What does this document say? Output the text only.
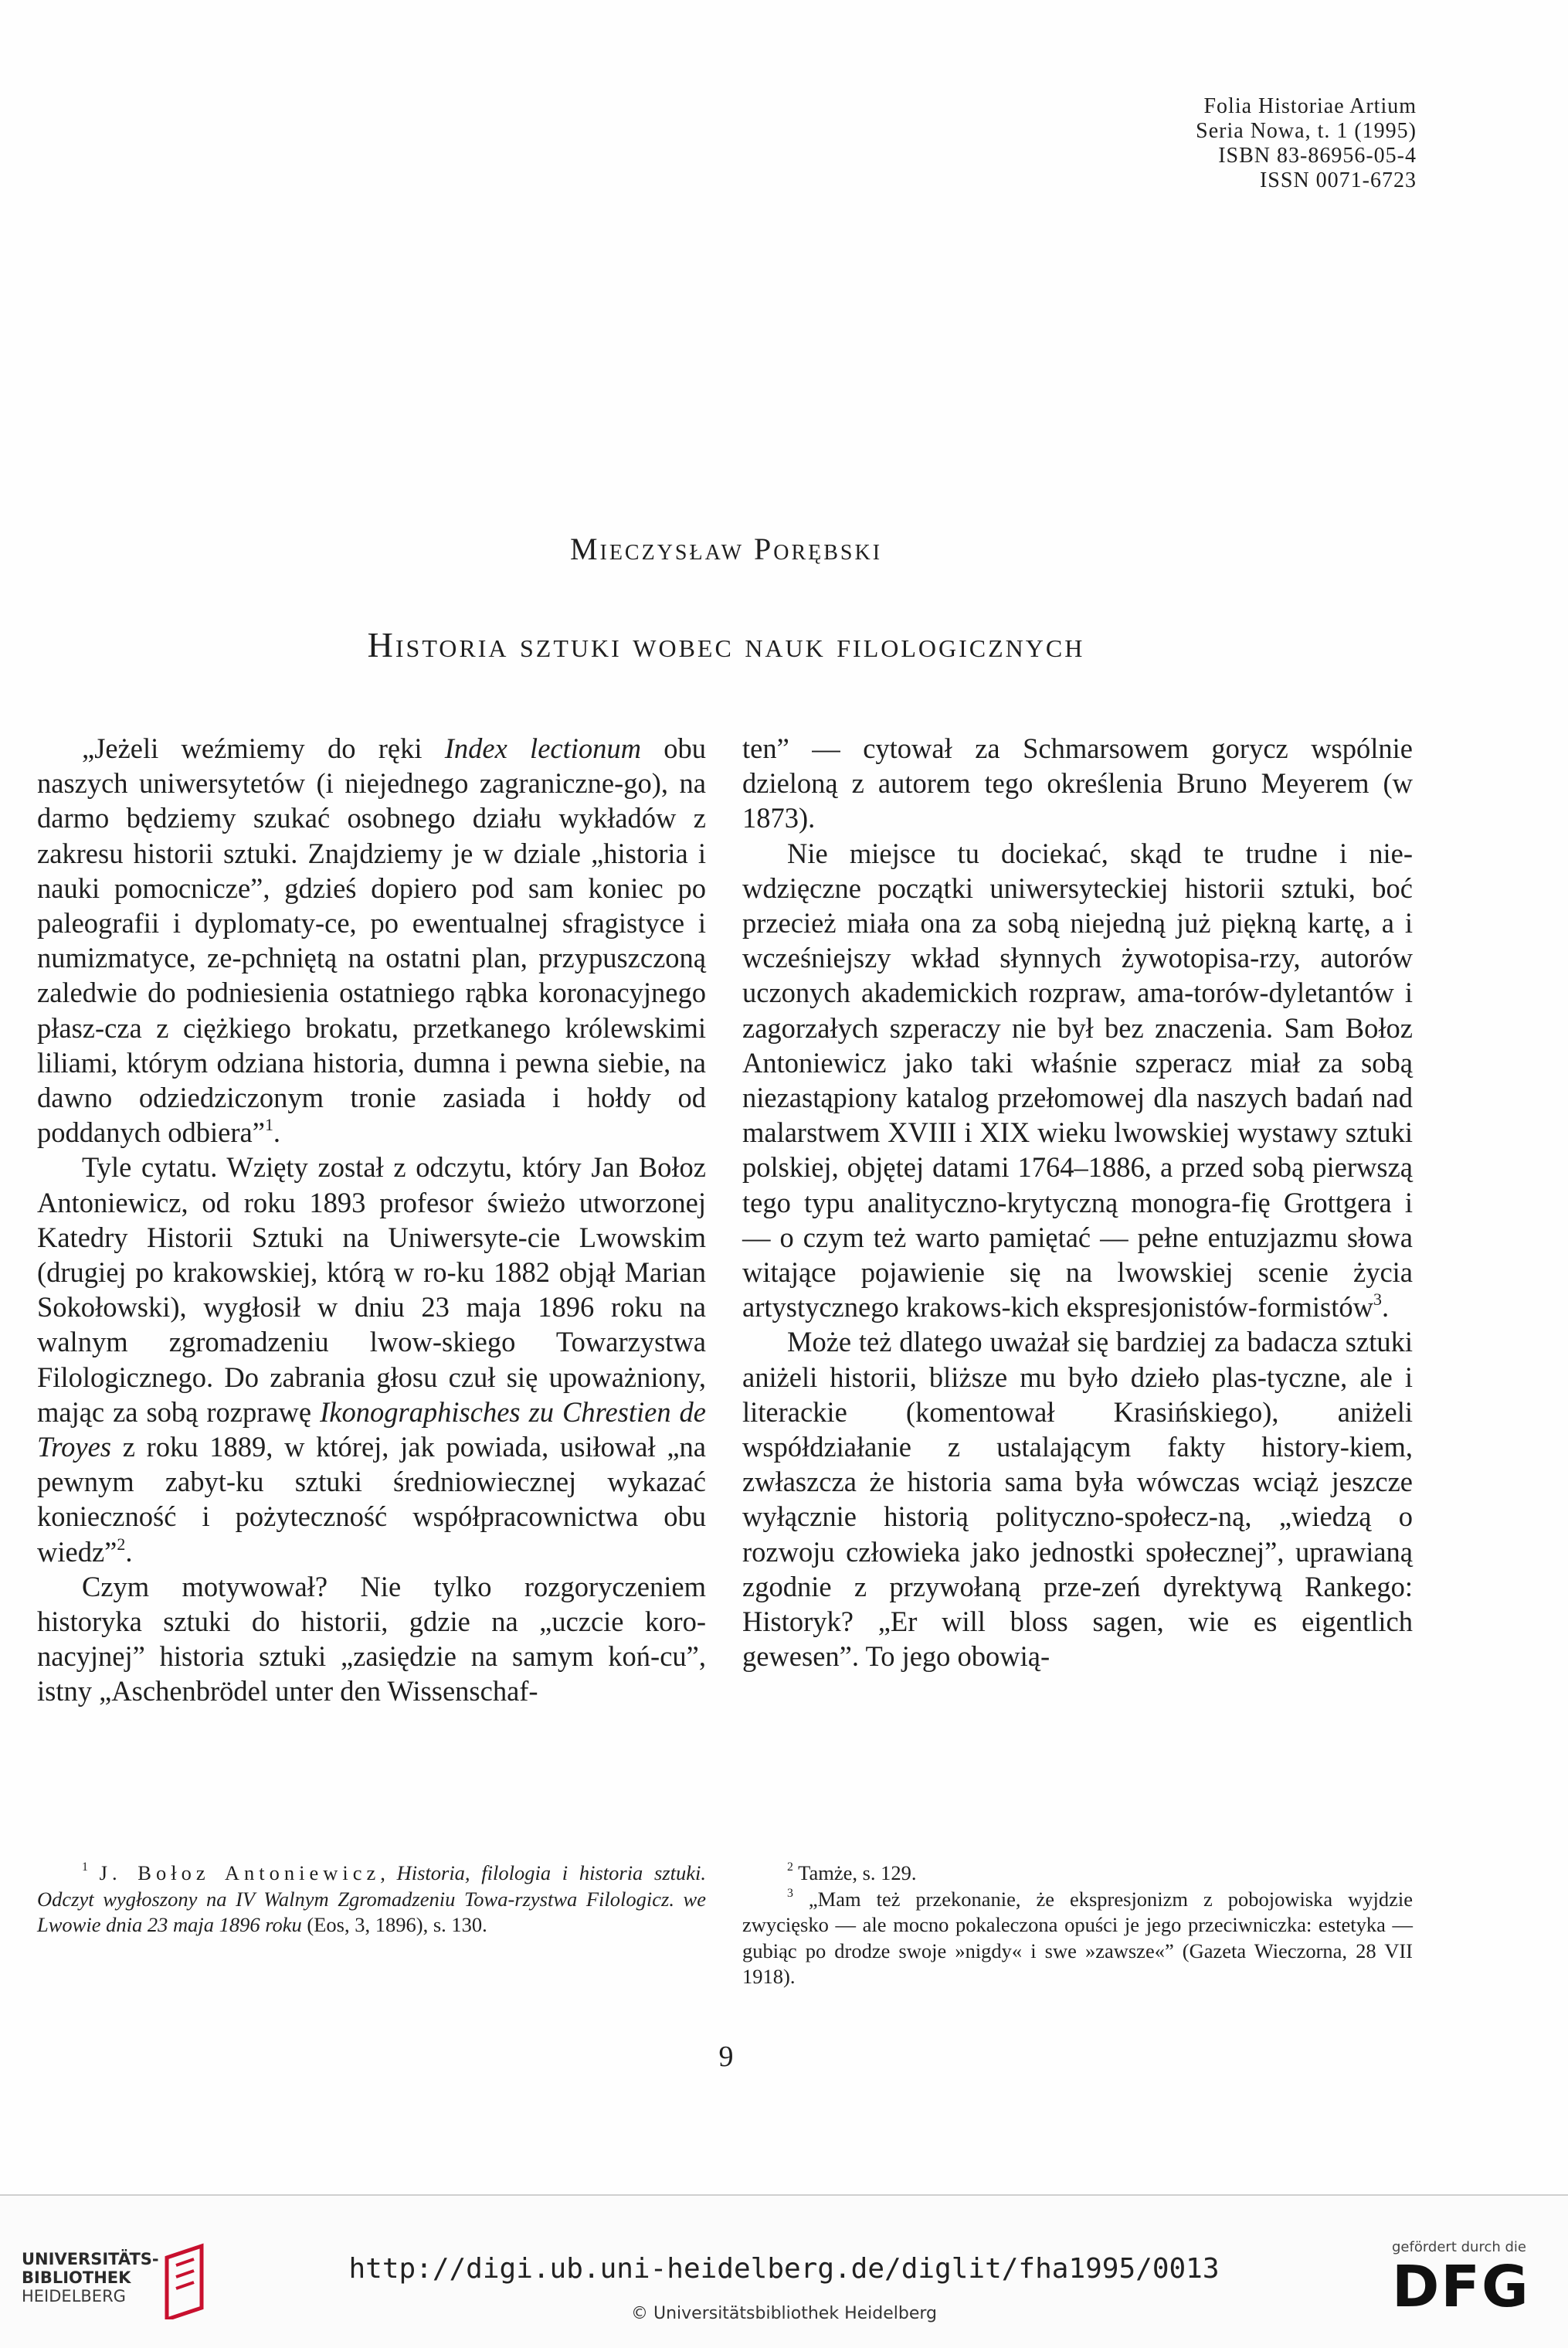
Folia Historiae Artium
Seria Nowa, t. 1 (1995)
ISBN 83-86956-05-4
ISSN 0071-6723
Mieczysław Porębski
Historia sztuki wobec nauk filologicznych

„Jeżeli weźmiemy do ręki Index lectionum obu naszych uniwersytetów (i niejednego zagraniczne-go), na darmo będziemy szukać osobnego działu wykładów z zakresu historii sztuki. Znajdziemy je w dziale „historia i nauki pomocnicze”, gdzieś dopiero pod sam koniec po paleografii i dyplomaty-ce, po ewentualnej sfragistyce i numizmatyce, ze-pchniętą na ostatni plan, przypuszczoną zaledwie do podniesienia ostatniego rąbka koronacyjnego płasz-cza z ciężkiego brokatu, przetkanego królewskimi liliami, którym odziana historia, dumna i pewna siebie, na dawno odziedziczonym tronie zasiada i hołdy od poddanych odbiera”$^1$.

Tyle cytatu. Wzięty został z odczytu, który Jan Bołoz Antoniewicz, od roku 1893 profesor świeżo utworzonej Katedry Historii Sztuki na Uniwersyte-cie Lwowskim (drugiej po krakowskiej, którą w ro-ku 1882 objął Marian Sokołowski), wygłosił w dniu 23 maja 1896 roku na walnym zgromadzeniu lwow-skiego Towarzystwa Filologicznego. Do zabrania głosu czuł się upoważniony, mając za sobą rozprawę Ikonographisches zu Chrestien de Troyes z roku 1889, w której, jak powiada, usiłował „na pewnym zabyt-ku sztuki średniowiecznej wykazać konieczność i pożyteczność współpracownictwa obu wiedz”$^2$.

Czym motywował? Nie tylko rozgoryczeniem historyka sztuki do historii, gdzie na „uczcie koro-nacyjnej” historia sztuki „zasiędzie na samym koń-cu”, istny „Aschenbrödel unter den Wissenschaf-

ten” — cytował za Schmarsowem gorycz wspólnie dzieloną z autorem tego określenia Bruno Meyerem (w 1873).

Nie miejsce tu dociekać, skąd te trudne i nie-wdzięczne początki uniwersyteckiej historii sztuki, boć przecież miała ona za sobą niejedną już piękną kartę, a i wcześniejszy wkład słynnych żywotopisa-rzy, autorów uczonych akademickich rozpraw, ama-torów-dyletantów i zagorzałych szperaczy nie był bez znaczenia. Sam Bołoz Antoniewicz jako taki właśnie szperacz miał za sobą niezastąpiony katalog przełomowej dla naszych badań nad malarstwem XVIII i XIX wieku lwowskiej wystawy sztuki polskiej, objętej datami 1764–1886, a przed sobą pierwszą tego typu analityczno-krytyczną monogra-fię Grottgera i — o czym też warto pamiętać — pełne entuzjazmu słowa witające pojawienie się na lwowskiej scenie życia artystycznego krakows-kich ekspresjonistów-formistów$^3$.

Może też dlatego uważał się bardziej za badacza sztuki aniżeli historii, bliższe mu było dzieło plas-tyczne, ale i literackie (komentował Krasińskiego), aniżeli współdziałanie z ustalającym fakty history-kiem, zwłaszcza że historia sama była wówczas wciąż jeszcze wyłącznie historią polityczno-społecz-ną, „wiedzą o rozwoju człowieka jako jednostki społecznej”, uprawianą zgodnie z przywołaną prze-zeń dyrektywą Rankego: Historyk? „Er will bloss sagen, wie es eigentlich gewesen”. To jego obowią-

$^1$ J. Bołoz Antoniewicz, Historia, filologia i historia sztuki. Odczyt wygłoszony na IV Walnym Zgromadzeniu Towa-rzystwa Filologicz. we Lwowie dnia 23 maja 1896 roku (Eos, 3, 1896), s. 130.

$^2$ Tamże, s. 129.

$^3$ „Mam też przekonanie, że ekspresjonizm z pobojowiska wyjdzie zwycięsko — ale mocno pokaleczona opuści je jego przeciwniczka: estetyka — gubiąc po drodze swoje »nigdy« i swe »zawsze«” (Gazeta Wieczorna, 28 VII 1918).

9
UNIVERSITÄTS-
BIBLIOTHEK
HEIDELBERG
http://digi.ub.uni-heidelberg.de/diglit/fha1995/0013
© Universitätsbibliothek Heidelberg
gefördert durch die
DFG
